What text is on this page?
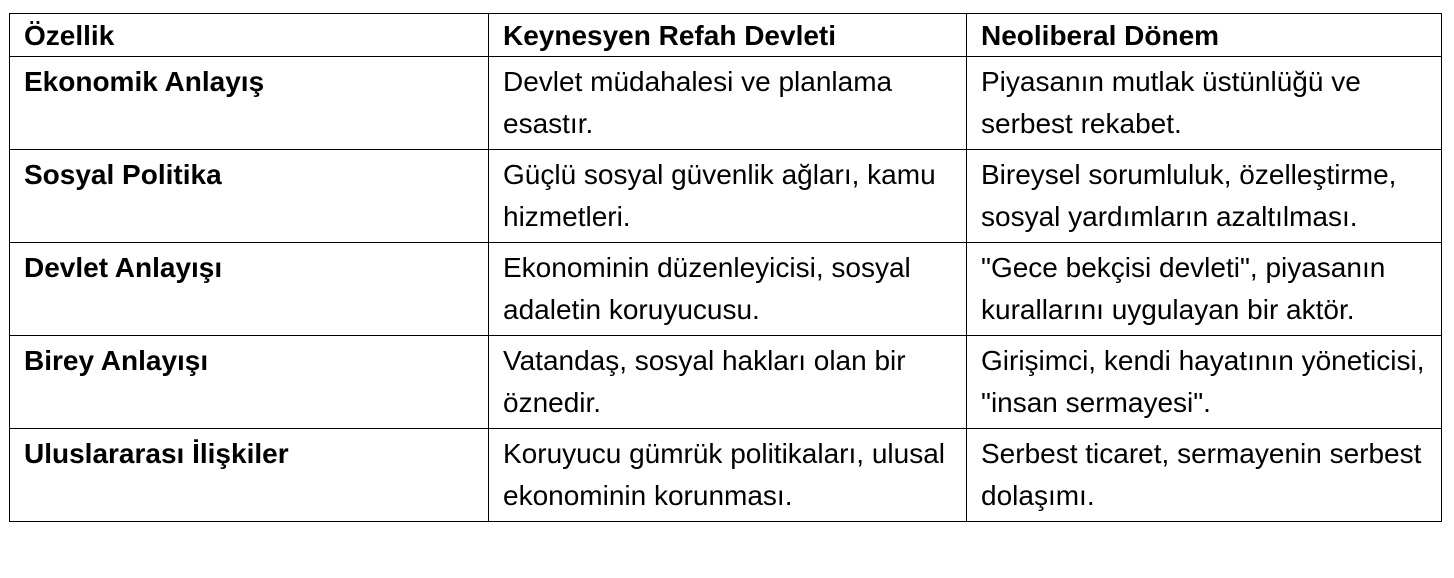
Özellik	Keynesyen Refah Devleti	Neoliberal Dönem
Ekonomik Anlayış	Devlet müdahalesi ve planlama esastır.	Piyasanın mutlak üstünlüğü ve serbest rekabet.
Sosyal Politika	Güçlü sosyal güvenlik ağları, kamu hizmetleri.	Bireysel sorumluluk, özelleştirme, sosyal yardımların azaltılması.
Devlet Anlayışı	Ekonominin düzenleyicisi, sosyal adaletin koruyucusu.	"Gece bekçisi devleti", piyasanın kurallarını uygulayan bir aktör.
Birey Anlayışı	Vatandaş, sosyal hakları olan bir öznedir.	Girişimci, kendi hayatının yöneticisi, "insan sermayesi".
Uluslararası İlişkiler	Koruyucu gümrük politikaları, ulusal ekonominin korunması.	Serbest ticaret, sermayenin serbest dolaşımı.
